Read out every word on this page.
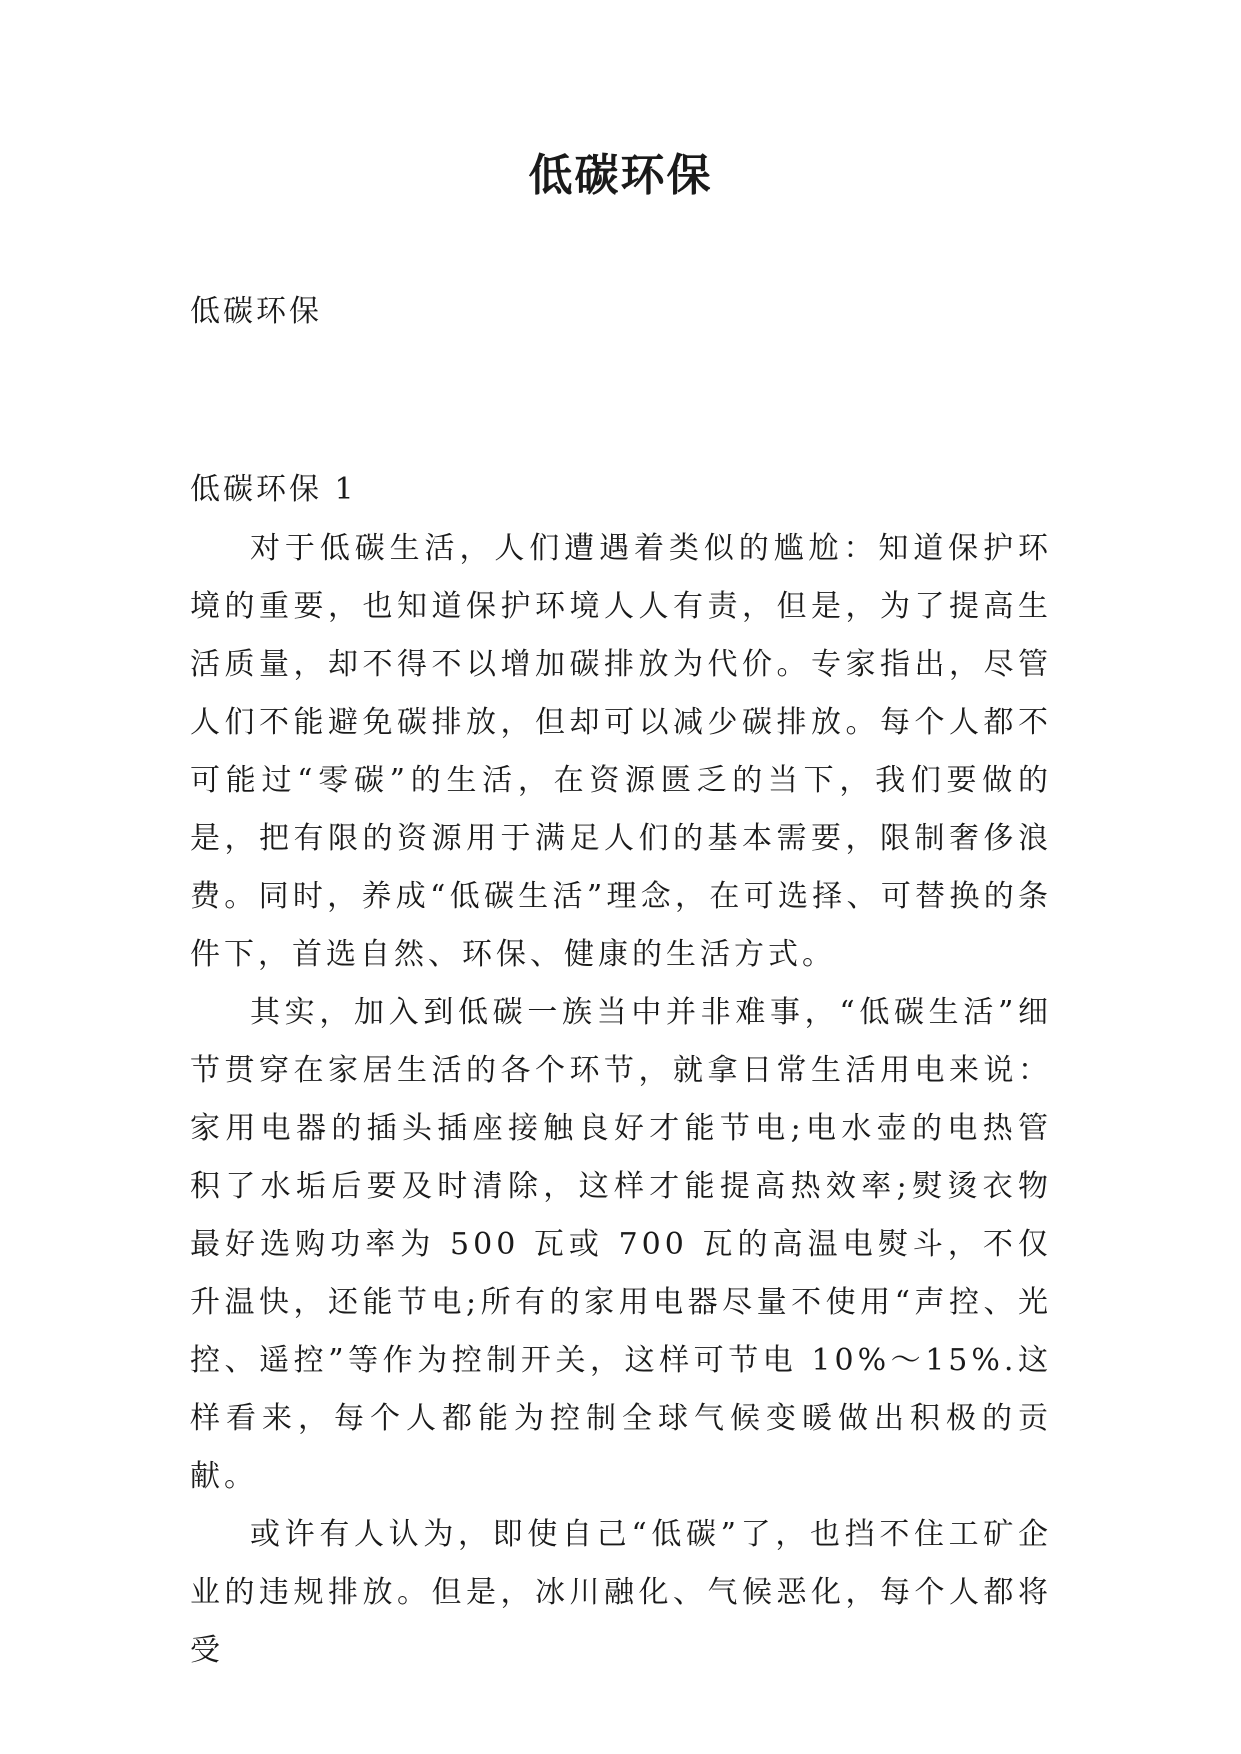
低碳环保

低碳环保

低碳环保 1

对于低碳生活，人们遭遇着类似的尴尬：知道保护环境的重要，也知道保护环境人人有责，但是，为了提高生活质量，却不得不以增加碳排放为代价。专家指出，尽管人们不能避免碳排放，但却可以减少碳排放。每个人都不可能过“零碳”的生活，在资源匮乏的当下，我们要做的是，把有限的资源用于满足人们的基本需要，限制奢侈浪费。同时，养成“低碳生活”理念，在可选择、可替换的条件下，首选自然、环保、健康的生活方式。

其实，加入到低碳一族当中并非难事，“低碳生活”细节贯穿在家居生活的各个环节，就拿日常生活用电来说：家用电器的插头插座接触良好才能节电;电水壶的电热管积了水垢后要及时清除，这样才能提高热效率;熨烫衣物最好选购功率为 500 瓦或 700 瓦的高温电熨斗，不仅升温快，还能节电;所有的家用电器尽量不使用“声控、光控、遥控”等作为控制开关，这样可节电 10%～15%.这样看来，每个人都能为控制全球气候变暖做出积极的贡献。

或许有人认为，即使自己“低碳”了，也挡不住工矿企业的违规排放。但是，冰川融化、气候恶化，每个人都将受
